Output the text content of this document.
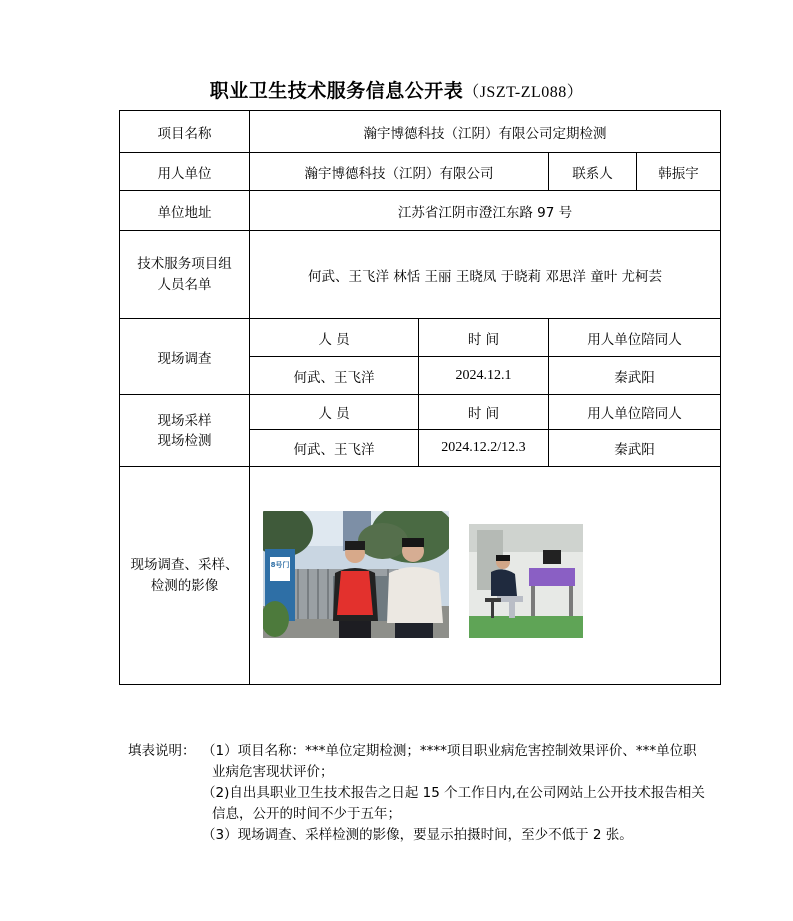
职业卫生技术服务信息公开表（JSZT-ZL088）
项目名称	瀚宇博德科技（江阴）有限公司定期检测			
用人单位	瀚宇博德科技（江阴）有限公司		联系人	韩振宇
单位地址	江苏省江阴市澄江东路 97 号			

技术服务项目组
人员名单	何武、王飞洋 林恬 王丽 王晓凤 于晓莉 邓思洋 童叶 尤柯芸			
现场调查	人 员	时 间	用人单位陪同人	
	何武、王飞洋	2024.12.1	秦武阳	

现场采样
现场检测	人 员	时 间	用人单位陪同人	
	何武、王飞洋	2024.12.2/12.3	秦武阳	

现场调查、采样、
检测的影像	8号门			
填表说明： （1）项目名称：***单位定期检测；****项目职业病危害控制效果评价、***单位职
业病危害现状评价；
（2)自出具职业卫生技术报告之日起 15 个工作日内,在公司网站上公开技术报告相关
信息，公开的时间不少于五年；
（3）现场调查、采样检测的影像，要显示拍摄时间，至少不低于 2 张。
